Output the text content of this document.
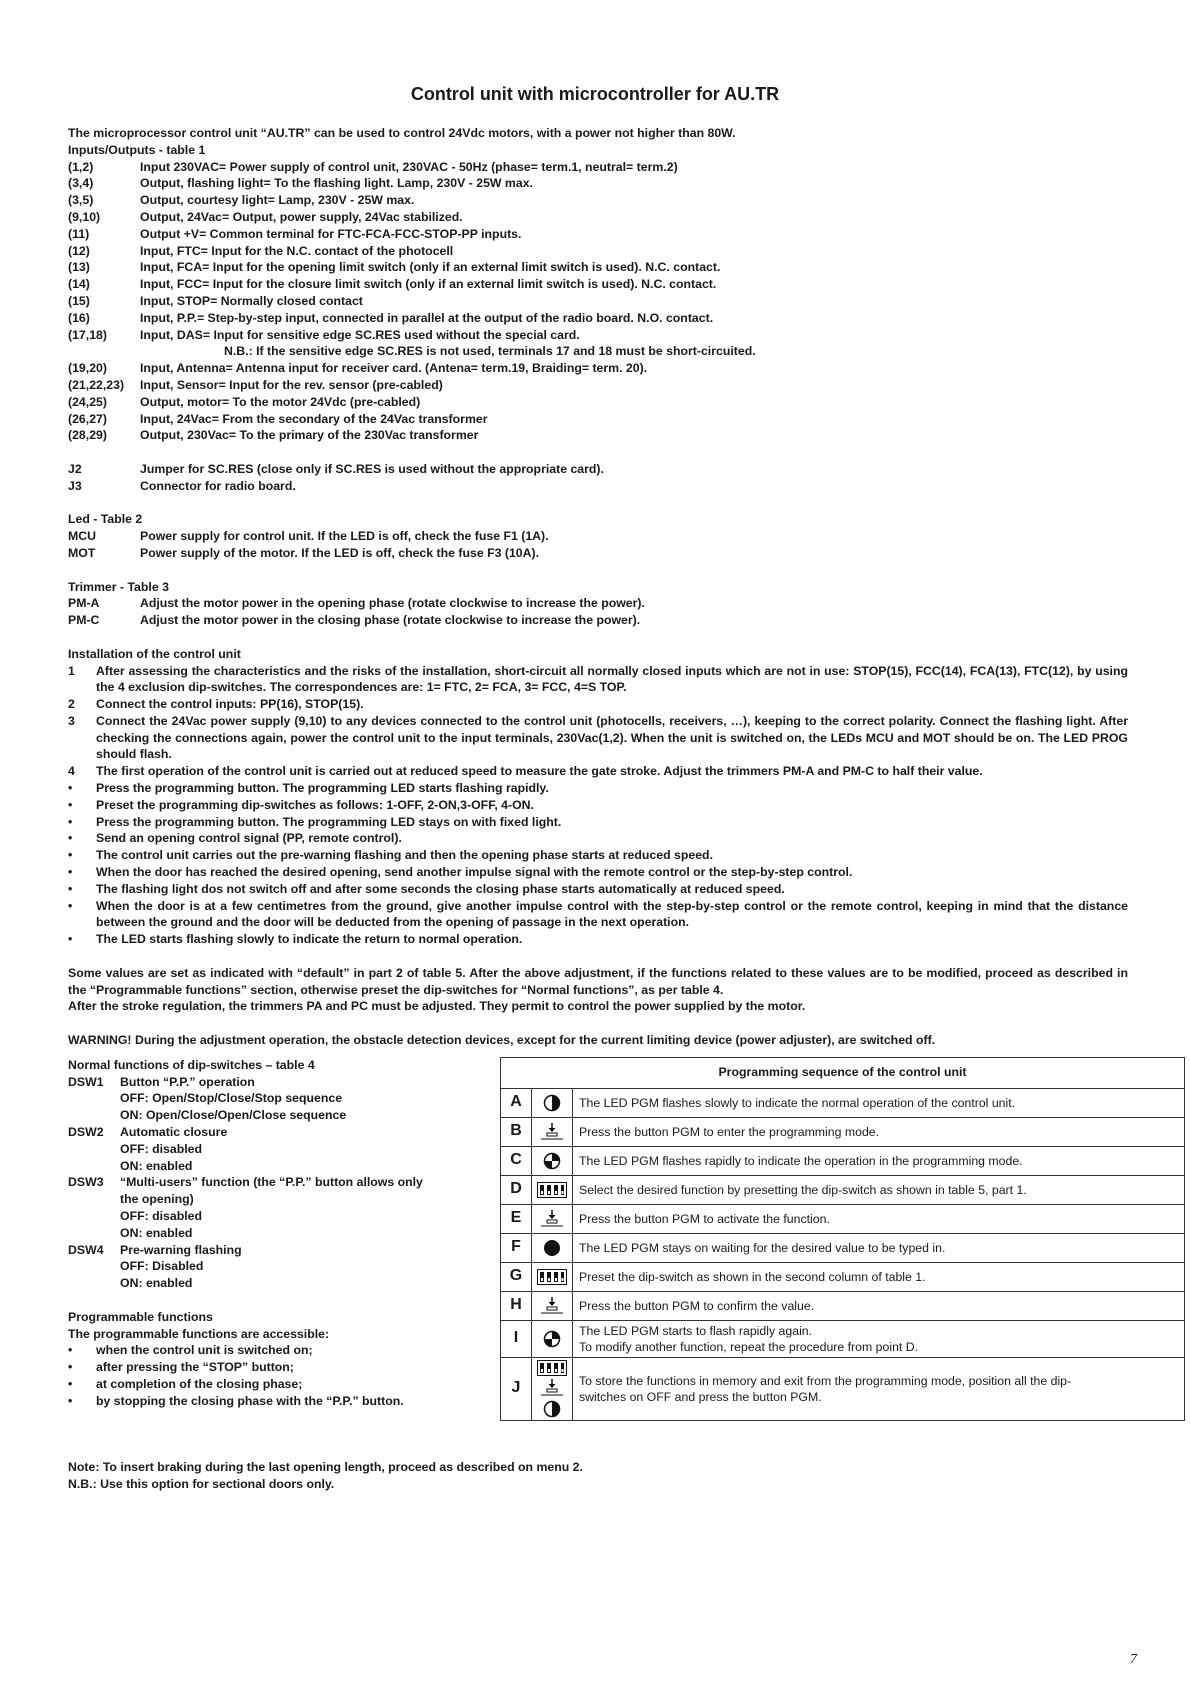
Control unit with microcontroller for AU.TR
The microprocessor control unit “AU.TR” can be used to control 24Vdc motors, with a power not higher than 80W.
Inputs/Outputs - table 1
(1,2)	Input 230VAC= Power supply of control unit, 230VAC - 50Hz (phase= term.1, neutral= term.2)
(3,4)	Output, flashing light= To the flashing light. Lamp, 230V - 25W max.
(3,5)	Output, courtesy light= Lamp, 230V - 25W max.
(9,10)	Output, 24Vac= Output, power supply, 24Vac stabilized.
(11)	Output +V= Common terminal for FTC-FCA-FCC-STOP-PP inputs.
(12)	Input, FTC= Input for the N.C. contact of the photocell
(13)	Input, FCA= Input for the opening limit switch (only if an external limit switch is used). N.C. contact.
(14)	Input, FCC= Input for the closure limit switch (only if an external limit switch is used). N.C. contact.
(15)	Input, STOP= Normally closed contact
(16)	Input, P.P.= Step-by-step input, connected in parallel at the output of the radio board. N.O. contact.
(17,18)	Input, DAS= Input for sensitive edge SC.RES used without the special card.
N.B.: If the sensitive edge SC.RES is not used, terminals 17 and 18 must be short-circuited.
(19,20)	Input, Antenna= Antenna input for receiver card. (Antena= term.19, Braiding= term. 20).
(21,22,23)	Input, Sensor= Input for the rev. sensor (pre-cabled)
(24,25)	Output, motor= To the motor 24Vdc (pre-cabled)
(26,27)	Input, 24Vac= From the secondary of the 24Vac transformer
(28,29)	Output, 230Vac= To the primary of the 230Vac transformer
J2	Jumper for SC.RES (close only if SC.RES is used without the appropriate card).
J3	Connector for radio board.
Led - Table 2
MCU	Power supply for control unit. If the LED is off, check the fuse F1 (1A).
MOT	Power supply of the motor. If the LED is off, check the fuse F3 (10A).
Trimmer - Table 3
PM-A	Adjust the motor power in the opening phase (rotate clockwise to increase the power).
PM-C	Adjust the motor power in the closing phase (rotate clockwise to increase the power).
Installation of the control unit
1	After assessing the characteristics and the risks of the installation, short-circuit all normally closed inputs which are not in use: STOP(15), FCC(14), FCA(13), FTC(12), by using the 4 exclusion dip-switches. The correspondences are: 1= FTC, 2= FCA, 3= FCC, 4=S TOP.
2	Connect the control inputs: PP(16), STOP(15).
3	Connect the 24Vac power supply (9,10) to any devices connected to the control unit (photocells, receivers, …), keeping to the correct polarity. Connect the flashing light. After checking the connections again, power the control unit to the input terminals, 230Vac(1,2). When the unit is switched on, the LEDs MCU and MOT should be on. The LED PROG should flash.
4	The first operation of the control unit is carried out at reduced speed to measure the gate stroke. Adjust the trimmers PM-A and PM-C to half their value.
•	Press the programming button. The programming LED starts flashing rapidly.
•	Preset the programming dip-switches as follows: 1-OFF, 2-ON,3-OFF, 4-ON.
•	Press the programming button. The programming LED stays on with fixed light.
•	Send an opening control signal (PP, remote control).
•	The control unit carries out the pre-warning flashing and then the opening phase starts at reduced speed.
•	When the door has reached the desired opening, send another impulse signal with the remote control or the step-by-step control.
•	The flashing light dos not switch off and after some seconds the closing phase starts automatically at reduced speed.
•	When the door is at a few centimetres from the ground, give another impulse control with the step-by-step control or the remote control, keeping in mind that the distance between the ground and the door will be deducted from the opening of passage in the next operation.
•	The LED starts flashing slowly to indicate the return to normal operation.
Some values are set as indicated with “default” in part 2 of table 5. After the above adjustment, if the functions related to these values are to be modified, proceed as described in the “Programmable functions” section, otherwise preset the dip-switches for “Normal functions”, as per table 4.
After the stroke regulation, the trimmers PA and PC must be adjusted. They permit to control the power supplied by the motor.
WARNING! During the adjustment operation, the obstacle detection devices, except for the current limiting device (power adjuster), are switched off.
Normal functions of dip-switches – table 4
DSW1	Button “P.P.” operation
OFF: Open/Stop/Close/Stop sequence
ON: Open/Close/Open/Close sequence
DSW2	Automatic closure
OFF: disabled
ON: enabled
DSW3	“Multi-users” function (the “P.P.” button allows only the opening)
OFF: disabled
ON: enabled
DSW4	Pre-warning flashing
OFF: Disabled
ON: enabled
Programmable functions
The programmable functions are accessible:
•	when the control unit is switched on;
•	after pressing the “STOP” button;
•	at completion of the closing phase;
•	by stopping the closing phase with the “P.P.” button.
Programming sequence of the control unit		
A		The LED PGM flashes slowly to indicate the normal operation of the control unit.

B		Press the button PGM to enter the programming mode.

C		The LED PGM flashes rapidly to indicate the operation in the programming mode.

D		Select the desired function by presetting the dip-switch as shown in table 5, part 1.

E		Press the button PGM to activate the function.

F		The LED PGM stays on waiting for the desired value to be typed in.

G		Preset the dip-switch as shown in the second column of table 1.

H		Press the button PGM to confirm the value.

I		The LED PGM starts to flash rapidly again.
To modify another function, repeat the procedure from point D.

J		To store the functions in memory and exit from the programming mode, position all the dip-
switches on OFF and press the button PGM.
Note: To insert braking during the last opening length, proceed as described on menu 2.
N.B.: Use this option for sectional doors only.
7
